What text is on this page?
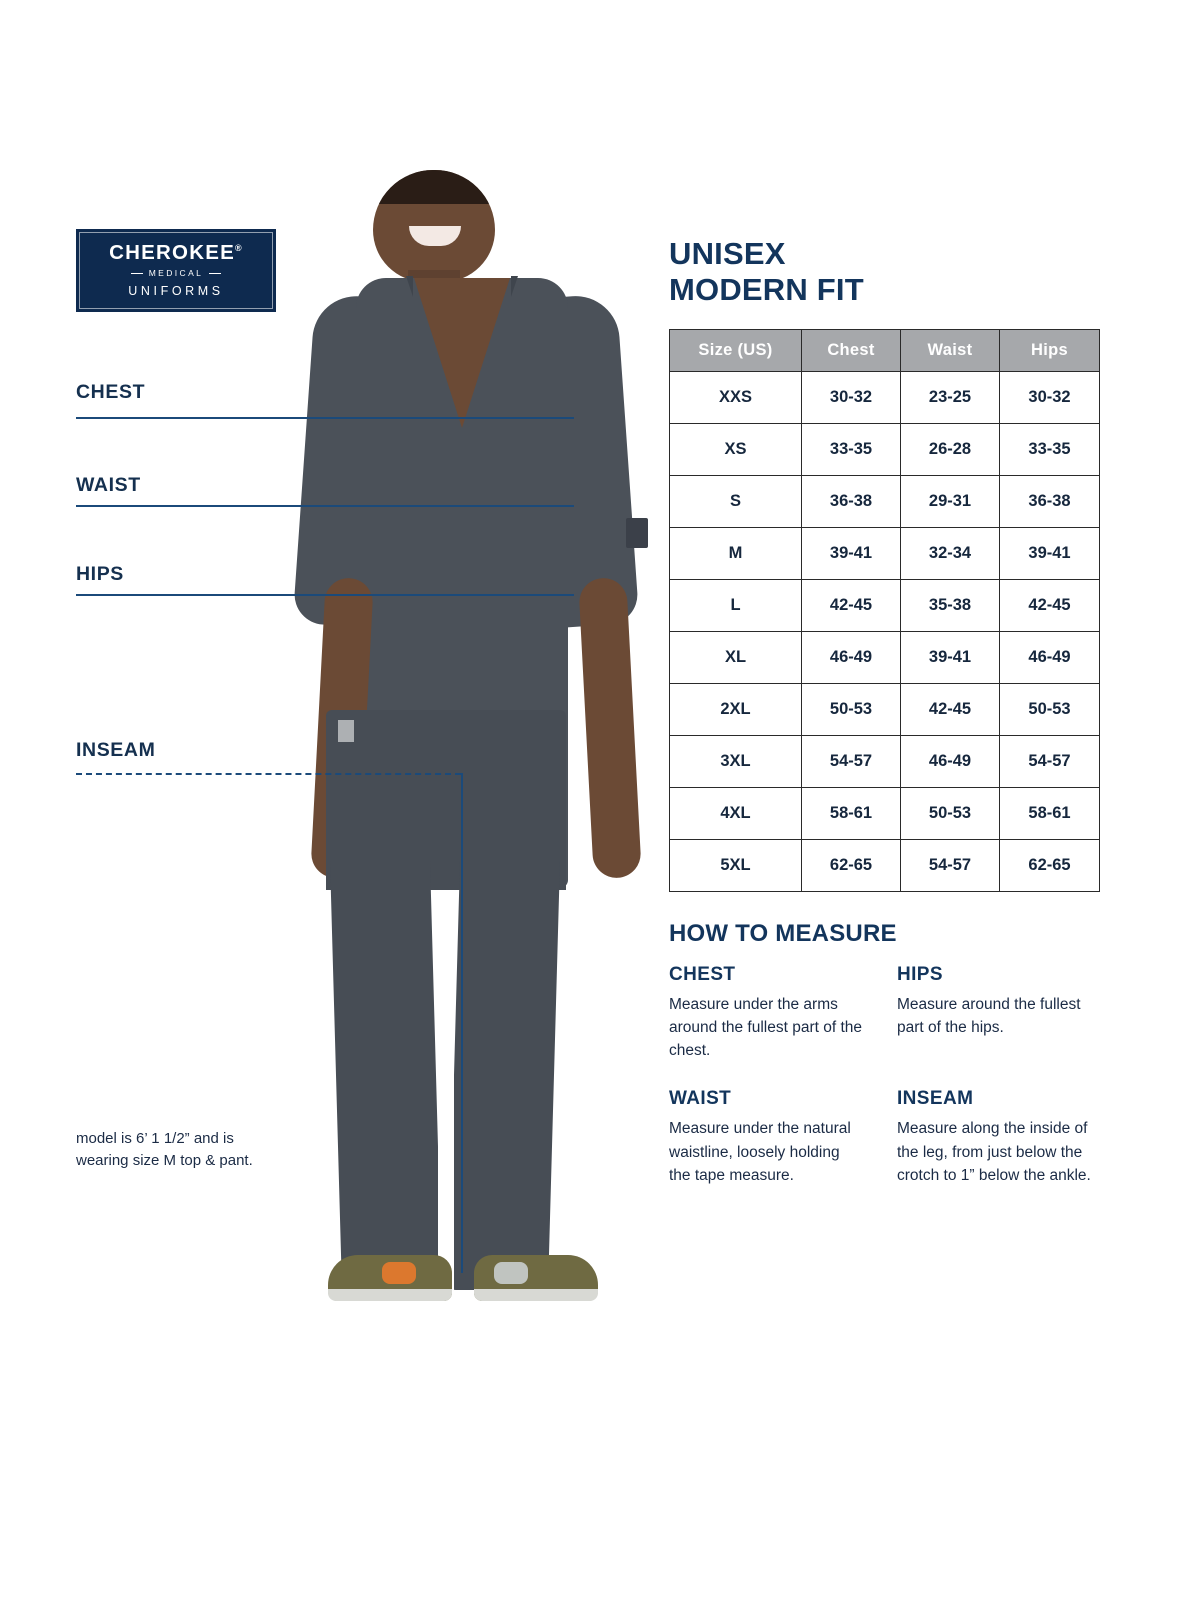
CHEROKEE®
MEDICAL
UNIFORMS
CHEST
WAIST
HIPS
INSEAM
model is 6’ 1 1/2” and is wearing size M top & pant.
UNISEX
MODERN FIT
Size (US)	Chest	Waist	Hips
XXS	30-32	23-25	30-32
XS	33-35	26-28	33-35
S	36-38	29-31	36-38
M	39-41	32-34	39-41
L	42-45	35-38	42-45
XL	46-49	39-41	46-49
2XL	50-53	42-45	50-53
3XL	54-57	46-49	54-57
4XL	58-61	50-53	58-61
5XL	62-65	54-57	62-65
HOW TO MEASURE
CHEST
Measure under the arms around the fullest part of the chest.
HIPS
Measure around the fullest part of the hips.
WAIST
Measure under the natural waistline, loosely holding the tape measure.
INSEAM
Measure along the inside of the leg, from just below the crotch to 1” below the ankle.
